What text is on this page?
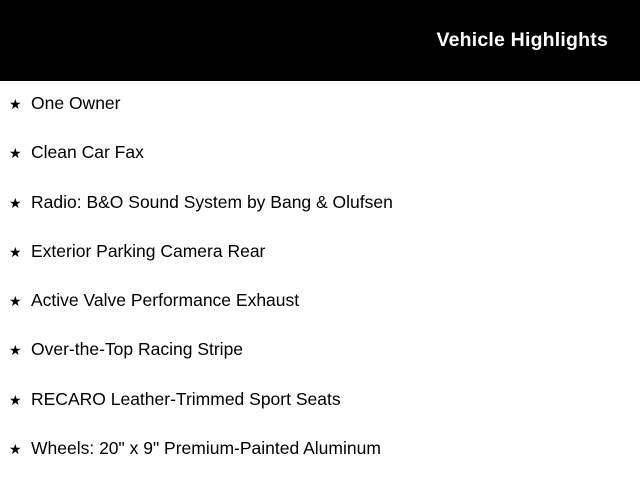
Vehicle Highlights
★ One Owner
★ Clean Car Fax
★ Radio: B&O Sound System by Bang & Olufsen
★ Exterior Parking Camera Rear
★ Active Valve Performance Exhaust
★ Over-the-Top Racing Stripe
★ RECARO Leather-Trimmed Sport Seats
★ Wheels: 20" x 9" Premium-Painted Aluminum
